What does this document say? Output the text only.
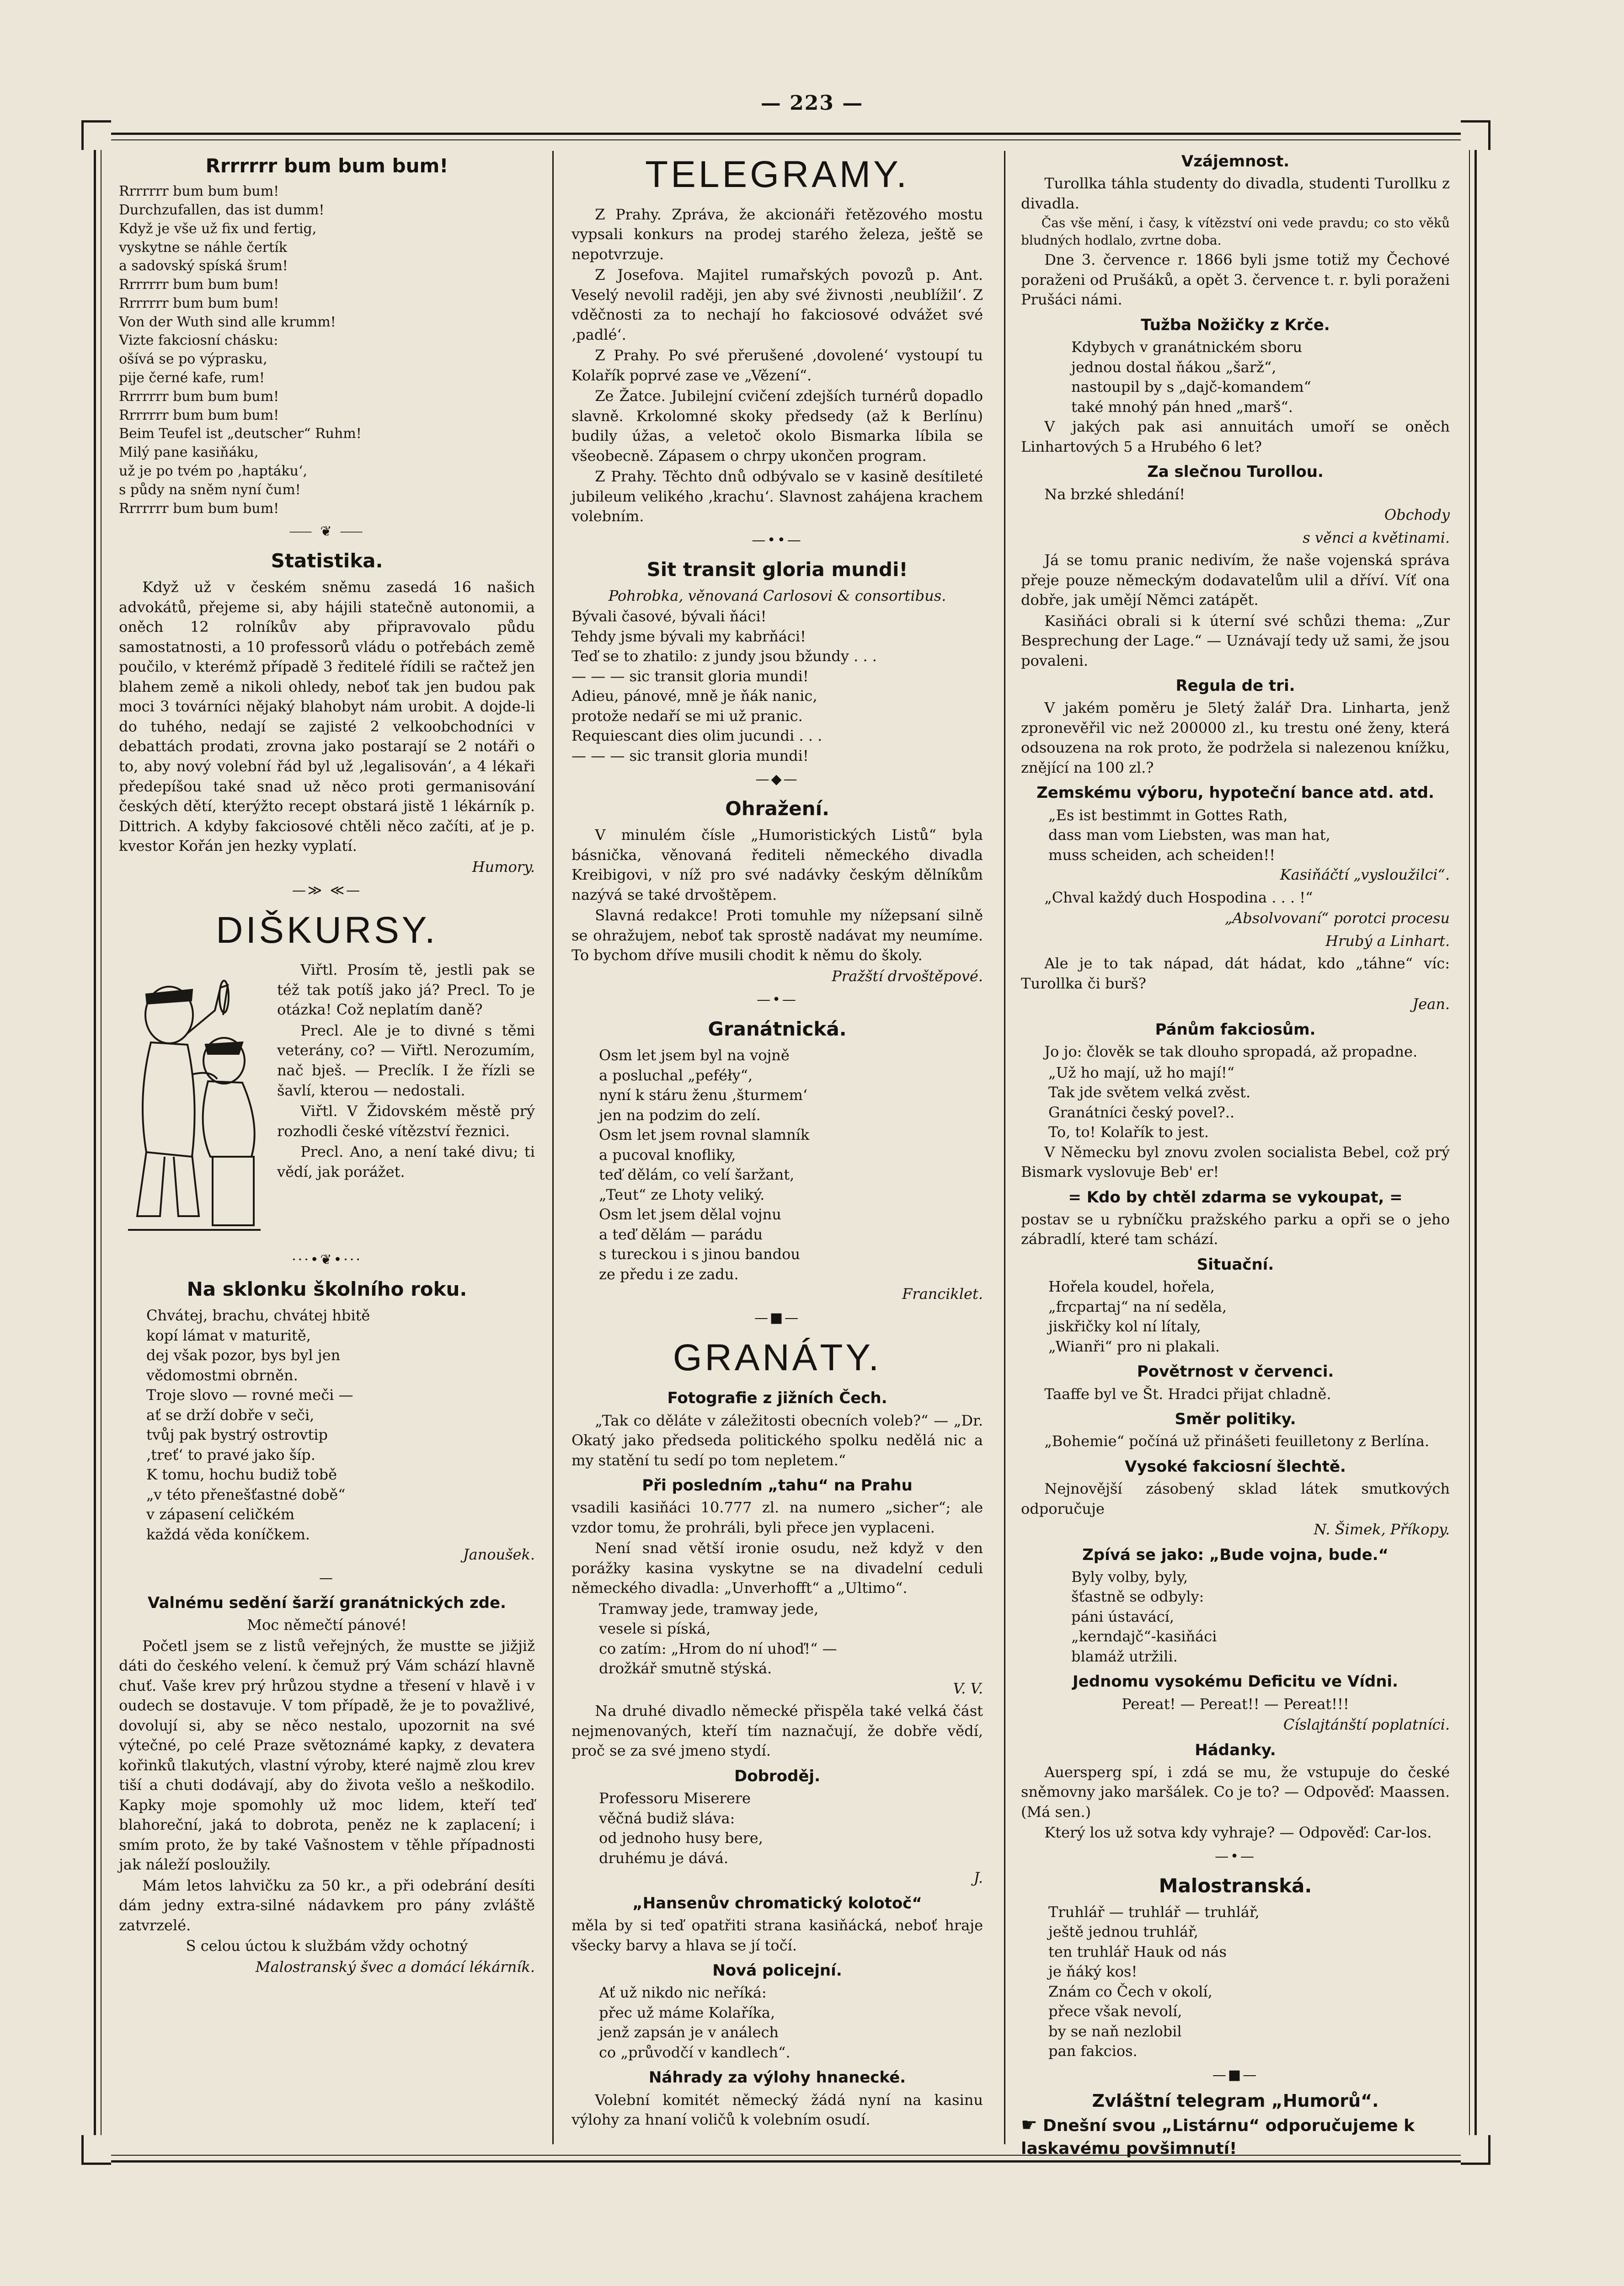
— 223 —
Rrrrrrr bum bum bum!
Rrrrrrr bum bum bum!
Durchzufallen, das ist dumm!
Když je vše už fix und fertig,
vyskytne se náhle čertík
a sadovský spíská šrum!
Rrrrrrr bum bum bum!
Rrrrrrr bum bum bum!
Von der Wuth sind alle krumm!
Vizte fakciosní chásku:
ošívá se po výprasku,
pije černé kafe, rum!
Rrrrrrr bum bum bum!
Rrrrrrr bum bum bum!
Beim Teufel ist „deutscher“ Ruhm!
Milý pane kasiňáku,
už je po tvém po ‚haptáku‘,
s půdy na sněm nyní čum!
Rrrrrrr bum bum bum!
⸺ ❦ ⸺
Statistika.

Když už v českém sněmu zasedá 16 našich advokátů, přejeme si, aby hájili statečně autonomii, a oněch 12 rolníkův aby připravovalo půdu samostatnosti, a 10 professorů vládu o potřebách země poučilo, v kterémž případě 3 ředitelé řídili se račtež jen blahem země a nikoli ohledy, neboť tak jen budou pak moci 3 továrníci nějaký blahobyt nám urobit. A dojde-li do tuhého, nedají se zajisté 2 velkoobchodníci v debattách prodati, zrovna jako postarají se 2 notáři o to, aby nový volební řád byl už ‚legalisován‘, a 4 lékaři předepíšou také snad už něco proti germanisování českých dětí, kterýžto recept obstará jistě 1 lékárník p. Dittrich. A kdyby fakciosové chtěli něco začíti, ať je p. kvestor Kořán jen hezky vyplatí.

Humory.

—≫ ≪—
DIŠKURSY.

Viřtl. Prosím tě, jestli pak se též tak potíš jako já? Precl. To je otázka! Což neplatím daně?

Precl. Ale je to divné s těmi veterány, co? — Viřtl. Nerozumím, nač bješ. — Preclík. I že řízli se šavlí, kterou — nedostali.

Viřtl. V Židovském městě prý rozhodli české vítězství řeznici.

Precl. Ano, a není také divu; ti vědí, jak porážet.

···•❦•···
Na sklonku školního roku.
Chvátej, brachu, chvátej hbitě
kopí lámat v maturitě,
dej však pozor, bys byl jen
vědomostmi obrněn.
Troje slovo — rovné meči —
ať se drží dobře v seči,
tvůj pak bystrý ostrovtip
‚treť‘ to pravé jako šíp.
K tomu, hochu budiž tobě
„v této přenešťastné době“
v zápasení celičkém
každá věda koníčkem.

Janoušek.

—
Valnému sedění šarží granátnických zde.

Moc němečtí pánové!

Početl jsem se z listů veřejných, že mustte se jižjiž dáti do českého velení. k čemuž prý Vám schází hlavně chuť. Vaše krev prý hrůzou stydne a třesení v hlavě i v oudech se dostavuje. V tom případě, že je to považlivé, dovolují si, aby se něco nestalo, upozornit na své výtečné, po celé Praze světoznámé kapky, z devatera kořinků tlakutých, vlastní výroby, které najmě zlou krev tiší a chuti dodávají, aby do života vešlo a neškodilo. Kapky moje spomohly už moc lidem, kteří teď blahoreční, jaká to dobrota, peněz ne k zaplacení; i smím proto, že by také Vašnostem v těhle případnosti jak náleží posloužily.

Mám letos lahvičku za 50 kr., a při odebrání desíti dám jedny extra-silné nádavkem pro pány zvláště zatvrzelé.

S celou úctou k službám vždy ochotný

Malostranský švec a domácí lékárník.

TELEGRAMY.

Z Prahy. Zpráva, že akcionáři řetězového mostu vypsali konkurs na prodej starého železa, ještě se nepotvrzuje.

Z Josefova. Majitel rumařských povozů p. Ant. Veselý nevolil raději, jen aby své živnosti ‚neublížil‘. Z vděčnosti za to nechají ho fakciosové odvážet své ‚padlé‘.

Z Prahy. Po své přerušené ‚dovolené‘ vystoupí tu Kolařík poprvé zase ve „Vězení“.

Ze Žatce. Jubilejní cvičení zdejších turnérů dopadlo slavně. Krkolomné skoky předsedy (až k Berlínu) budily úžas, a veletoč okolo Bismarka líbila se všeobecně. Zápasem o chrpy ukončen program.

Z Prahy. Těchto dnů odbývalo se v kasině desítileté jubileum velikého ‚krachu‘. Slavnost zahájena krachem volebním.

—••—
Sit transit gloria mundi!

Pohrobka, věnovaná Carlosovi & consortibus.

Bývali časové, bývali ňáci!
Tehdy jsme bývali my kabrňáci!
Teď se to zhatilo: z jundy jsou bžundy . . .
— — — sic transit gloria mundi!
Adieu, pánové, mně je ňák nanic,
protože nedaří se mi už pranic.
Requiescant dies olim jucundi . . .
— — — sic transit gloria mundi!
—◆—
Ohražení.

V minulém čísle „Humoristických Listů“ byla básnička, věnovaná řediteli německého divadla Kreibigovi, v níž pro své nadávky českým dělníkům nazývá se také drvoštěpem.

Slavná redakce! Proti tomuhle my nížepsaní silně se ohražujem, neboť tak sprostě nadávat my neumíme. To bychom dříve musili chodit k němu do školy.

Pražští drvoštěpové.

—•—
Granátnická.
Osm let jsem byl na vojně
a posluchal „peféły“,
nyní k stáru ženu ‚šturmem‘
jen na podzim do zelí.
Osm let jsem rovnal slamník
a pucoval knofliky,
teď dělám, co velí šaržant,
„Teut“ ze Lhoty veliký.
Osm let jsem dělal vojnu
a teď dělám — parádu
s tureckou i s jinou bandou
ze předu i ze zadu.

Franciklet.

—■—
GRANÁTY.
Fotografie z jižních Čech.

„Tak co děláte v záležitosti obecních voleb?“ — „Dr. Okatý jako předseda politického spolku nedělá nic a my statění tu sedí po tom nepletem.“

Při posledním „tahu“ na Prahu

vsadili kasiňáci 10.777 zl. na numero „sicher“; ale vzdor tomu, že prohráli, byli přece jen vyplaceni.

Není snad větší ironie osudu, než když v den porážky kasina vyskytne se na divadelní ceduli německého divadla: „Unverhofft“ a „Ultimo“.

Tramway jede, tramway jede,
vesele si píská,
co zatím: „Hrom do ní uhoď!“ —
drožkář smutně stýská.

V. V.

Na druhé divadlo německé přispěla také velká část nejmenovaných, kteří tím naznačují, že dobře vědí, proč se za své jmeno stydí.

Dobroděj.
Professoru Miserere
věčná budiž sláva:
od jednoho husy bere,
druhému je dává.

J.

„Hansenův chromatický kolotoč“

měla by si teď opatřiti strana kasiňácká, neboť hraje všecky barvy a hlava se jí točí.

Nová policejní.
Ať už nikdo nic neříká:
přec už máme Kolaříka,
jenž zapsán je v análech
co „průvodčí v kandlech“.
Náhrady za výlohy hnanecké.

Volební komitét německý žádá nyní na kasinu výlohy za hnaní voličů k volebním osudí.

Vzájemnost.

Turollka táhla studenty do divadla, studenti Turollku z divadla.

Čas vše mění, i časy, k vítězství oni vede pravdu; co sto věků bludných hodlalo, zvrtne doba.

Dne 3. července r. 1866 byli jsme totiž my Čechové poraženi od Prušáků, a opět 3. července t. r. byli poraženi Prušáci námi.

Tužba Nožičky z Krče.
Kdybych v granátnickém sboru
jednou dostal ňákou „šarž“,
nastoupil by s „dajč-komandem“
také mnohý pán hned „marš“.

V jakých pak asi annuitách umoří se oněch Linhartových 5 a Hrubého 6 let?

Za slečnou Turollou.

Na brzké shledání!

Obchody

s věnci a květinami.

Já se tomu pranic nedivím, že naše vojenská správa přeje pouze německým dodavatelům ulil a dříví. Víť ona dobře, jak umějí Němci zatápět.

Kasiňáci obrali si k úterní své schůzi thema: „Zur Besprechung der Lage.“ — Uznávají tedy už sami, že jsou povaleni.

Regula de tri.

V jakém poměru je 5letý žalář Dra. Linharta, jenž zpronevěřil vic než 200000 zl., ku trestu oné ženy, která odsouzena na rok proto, že podržela si nalezenou knížku, znějící na 100 zl.?

Zemskému výboru, hypoteční bance atd. atd.
„Es ist bestimmt in Gottes Rath,
dass man vom Liebsten, was man hat,
muss scheiden, ach scheiden!!

Kasiňáčtí „vysloužilci“.

„Chval každý duch Hospodina . . . !“

„Absolvovaní“ porotci procesu

Hrubý a Linhart.

Ale je to tak nápad, dát hádat, kdo „táhne“ víc: Turollka či burš?

Jean.

Pánům fakciosům.

Jo jo: člověk se tak dlouho spropadá, až propadne.

„Už ho mají, už ho mají!“
Tak jde světem velká zvěst.
Granátníci český povel?..
To, to! Kolařík to jest.

V Německu byl znovu zvolen socialista Bebel, což prý Bismark vyslovuje Beb' er!

= Kdo by chtěl zdarma se vykoupat, =

postav se u rybníčku pražského parku a opři se o jeho zábradlí, které tam schází.

Situační.
Hořela koudel, hořela,
„frcpartaj“ na ní seděla,
jiskřičky kol ní lítaly,
„Wianři“ pro ni plakali.
Povětrnost v červenci.

Taaffe byl ve Št. Hradci přijat chladně.

Směr politiky.

„Bohemie“ počíná už přinášeti feuilletony z Berlína.

Vysoké fakciosní šlechtě.

Nejnovější zásobený sklad látek smutkových odporučuje

N. Šimek, Příkopy.

Zpívá se jako: „Bude vojna, bude.“
Byly volby, byly,
šťastně se odbyly:
páni ústavácí,
„kerndajč“-kasiňáci
blamáž utržili.
Jednomu vysokému Deficitu ve Vídni.

Pereat! — Pereat!! — Pereat!!!

Císlajtánští poplatníci.

Hádanky.

Auersperg spí, i zdá se mu, že vstupuje do české sněmovny jako maršálek. Co je to? — Odpověď: Maassen. (Má sen.)

Který los už sotva kdy vyhraje? — Odpověď: Car-los.

—•—
Malostranská.
Truhlář — truhlář — truhlář,
ještě jednou truhlář,
ten truhlář Hauk od nás
je ňáký kos!
Znám co Čech v okolí,
přece však nevolí,
by se naň nezlobil
pan fakcios.
—■—
Zvláštní telegram „Humorů“.
☛ Dnešní svou „Listárnu“ odporučujeme k laskavému povšimnutí!
